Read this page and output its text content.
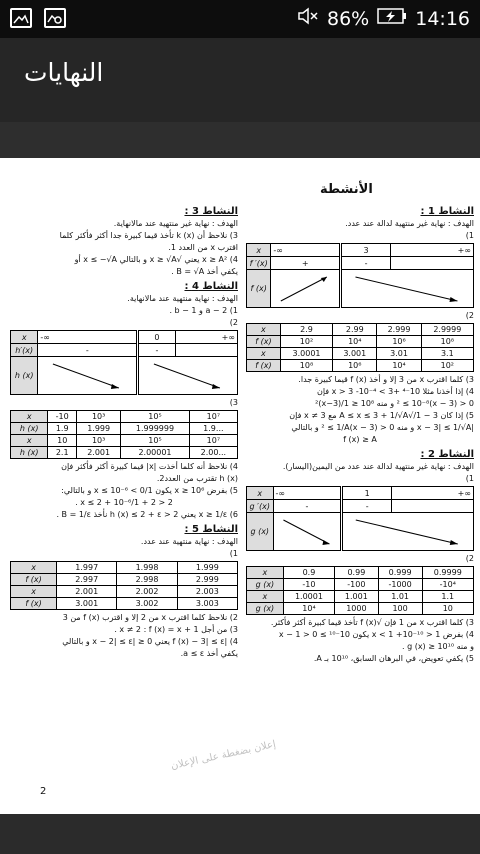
86% 14:16
النهايات
الأنشطة
النشاط 1 :
الهدف : نهاية غير منتهية لدالة عند عدد.

1)

x	-∞	3	+∞
f ′(x)	+	-	
f (x)	

2)

x	2.9	2.99	2.999	2.9999
f (x)	10²	10⁴	10⁶	10⁸
x	3.0001	3.001	3.01	3.1
f (x)	10⁸	10⁶	10⁴	10²

3) كلما اقترب x من 3 إلا و أخذ f (x) قيما كبيرة جدا.

4) إذا أخذنا مثلا 10⁻⁴ +3 > x > 3 -10⁻⁴ فإن

0 < (x − 3)² ≤ 10⁻⁸ و منه 10⁸ ≤ 1/(x−3)²

5) إذا كان 3 − 1/√A ≤ x ≤ 3 + 1/√A مع x ≠ 3 فإن

|x − 3| ≤ 1/√A و منه 0 < (x − 3)² ≤ 1/A و بالتالي

f (x) ≥ A

النشاط 2 :
الهدف : نهاية غير منتهية لدالة عند عدد من اليمين(اليسار).

1)

x	-∞	1	+∞
g ′(x)	-	-	
g (x)	

2)

x	0.9	0.99	0.999	0.9999
g (x)	-10	-100	-1000	-10⁴
x	1.0001	1.001	1.01	1.1
g (x)	10⁴	1000	100	10

3) كلما اقترب x من 1 فإن √f (x) تأخذ قيما كبيرة أكثر فأكثر.

4) بفرض 1 < x < 1 +10⁻¹⁰ يكون 10⁻¹⁰ ≥ 0 < x − 1

و منه g (x) ≥ 10¹⁰ .

5) يكفي تعويض، في البرهان السابق، 10¹⁰ بـ A.

النشاط 3 :
الهدف : نهاية غير منتهية عند مالانهاية.

3) نلاحظ أن k (x) تأخذ قيما كبيرة جدا أكثر فأكثر كلما

اقترب x من العدد 1.

4) x ≥ A² يعني √x ≥ √A و بالتالي x ≤ −√A أو

يكفي أخذ B = √A .

النشاط 4 :
الهدف : نهاية منتهية عند مالانهاية.

1) a − 2 و b − 1 .

2)

x	-∞	0	+∞
h′(x)	-	-	
h (x)	

3)

x	-10	10³	10⁵	10⁷
h (x)	1.9	1.999	1.999999	1.9...
x	10	10³	10⁵	10⁷
h (x)	2.1	2.001	2.00001	2.00...

4) نلاحظ أنه كلما أخذت |x| قيما كبيرة أكثر فأكثر فإن

h (x) تقترب من العدد2.

5) بفرض x ≥ 10⁶ يكون 1/x ≤ 10⁻⁶ < 0 و بالتالي:

2 < 2 + 1/x ≤ 2 + 10⁻⁶ .

6) x ≥ 1/ε يعني 2 < h (x) ≤ 2 + ε نأخذ B = 1/ε .

النشاط 5 :
الهدف : نهاية منتهية عند عدد.

1)

x	1.997	1.998	1.999
f (x)	2.997	2.998	2.999
x	2.001	2.002	2.003
f (x)	3.001	3.002	3.003

2) نلاحظ كلما اقترب x من 2 إلا و اقترب f (x) من 3

3) من أجل x ≠ 2 : f (x) = x + 1 .

4) |f (x) − 3| ≤ ε يعني 0 ≤ |x − 2| ≤ ε و بالتالي

يكفي أخذ a ≤ ε.

إعلان بضغطة على الإعلان
2
